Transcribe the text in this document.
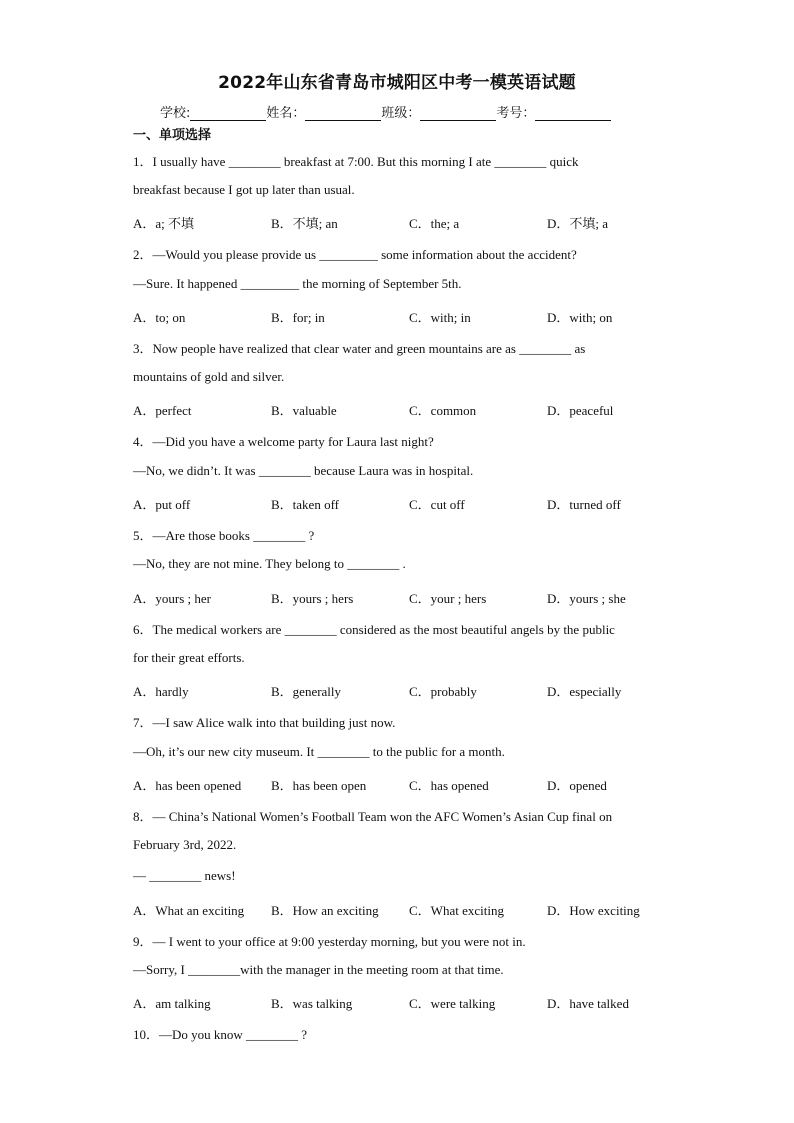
2022年山东省青岛市城阳区中考一模英语试题
学校:	姓名：	班级：	考号：
一、单项选择
1．I usually have ________ breakfast at 7:00. But this morning I ate ________ quick
breakfast because I got up later than usual.
A．a; 不填	B．不填; an	C．the; a	D．不填; a
2．—Would you please provide us _________ some information about the accident?
—Sure. It happened _________ the morning of September 5th.
A．to; on	B．for; in	C．with; in	D．with; on
3．Now people have realized that clear water and green mountains are as ________ as
mountains of gold and silver.
A．perfect	B．valuable	C．common	D．peaceful
4．—Did you have a welcome party for Laura last night?
—No, we didn’t. It was ________ because Laura was in hospital.
A．put off	B．taken off	C．cut off	D．turned off
5．—Are those books ________ ?
—No, they are not mine. They belong to ________ .
A．yours ; her	B．yours ; hers	C．your ; hers	D．yours ; she
6．The medical workers are ________ considered as the most beautiful angels by the public
for their great efforts.
A．hardly	B．generally	C．probably	D．especially
7．—I saw Alice walk into that building just now.
—Oh, it’s our new city museum. It ________ to the public for a month.
A．has been opened B．has been open	C．has opened	D．opened
8．— China’s National Women’s Football Team won the AFC Women’s Asian Cup final on
February 3rd, 2022.
— ________ news!
A．What an exciting B．How an exciting C．What exciting	D．How exciting
9．— I went to your office at 9:00 yesterday morning, but you were not in.
—Sorry, I ________with the manager in the meeting room at that time.
A．am talking	B．was talking	C．were talking	D．have talked
10．—Do you know ________ ?
